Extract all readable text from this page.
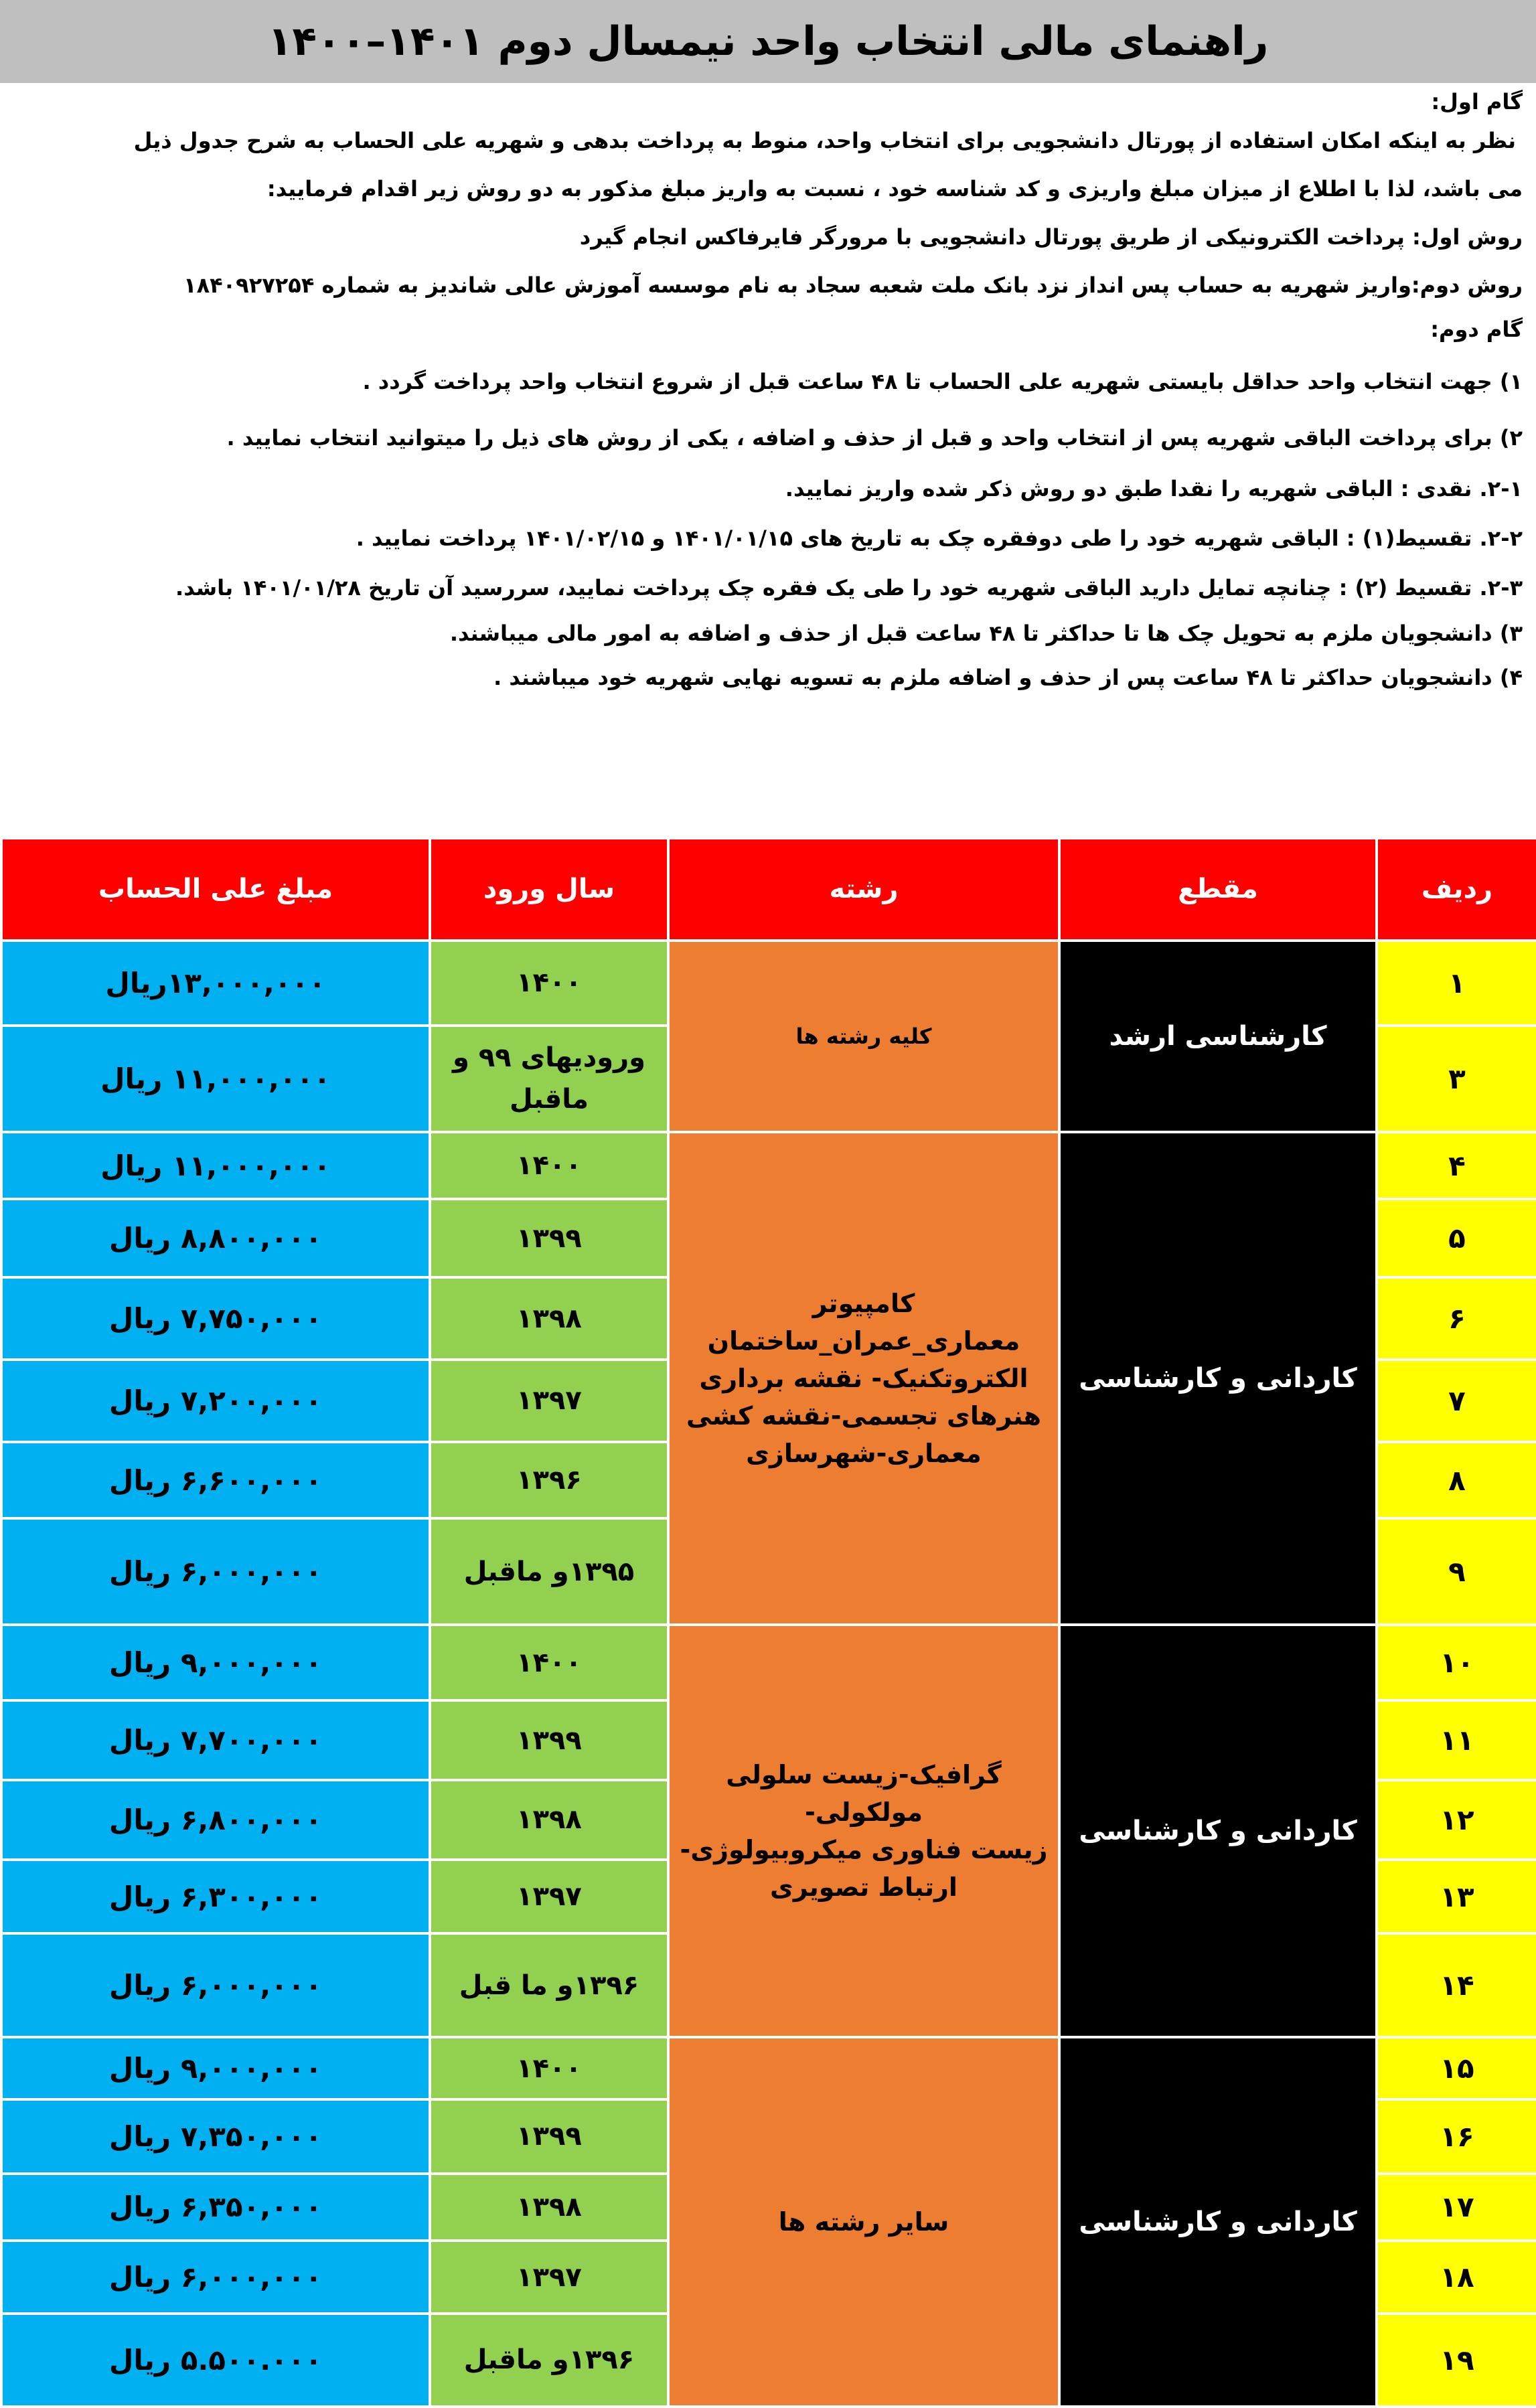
راهنمای مالی انتخاب واحد نیمسال دوم ۱۴۰۱–۱۴۰۰
گام اول:
نظر به اینکه امکان استفاده از پورتال دانشجویی برای انتخاب واحد، منوط به پرداخت بدهی و شهریه علی الحساب به شرح جدول ذیل
می باشد، لذا با اطلاع از میزان مبلغ واریزی و کد شناسه خود ، نسبت به واریز مبلغ مذکور به دو روش زیر اقدام فرمایید:
روش اول: پرداخت الکترونیکی از طریق پورتال دانشجویی با مرورگر فایرفاکس انجام گیرد
روش دوم:واریز شهریه به حساب پس انداز نزد بانک ملت شعبه سجاد به نام موسسه آموزش عالی شاندیز به شماره ۱۸۴۰۹۲۷۲۵۴
گام دوم:
۱) جهت انتخاب واحد حداقل بایستی شهریه علی الحساب تا ۴۸ ساعت قبل از شروع انتخاب واحد پرداخت گردد .
۲) برای پرداخت الباقی شهریه پس از انتخاب واحد و قبل از حذف و اضافه ، یکی از روش های ذیل را میتوانید انتخاب نمایید .
۲-۱. نقدی : الباقی شهریه را نقدا طبق دو روش ذکر شده واریز نمایید.
۲-۲. تقسیط(۱) : الباقی شهریه خود را طی دوفقره چک به تاریخ های ۱۴۰۱/۰۱/۱۵ و ۱۴۰۱/۰۲/۱۵ پرداخت نمایید .
۲-۳. تقسیط (۲) : چنانچه تمایل دارید الباقی شهریه خود را طی یک فقره چک پرداخت نمایید، سررسید آن تاریخ ۱۴۰۱/۰۱/۲۸ باشد.
۳) دانشجویان ملزم به تحویل چک ها تا حداکثر تا ۴۸ ساعت قبل از حذف و اضافه به امور مالی میباشند.
۴) دانشجویان حداکثر تا ۴۸ ساعت پس از حذف و اضافه ملزم به تسویه نهایی شهریه خود میباشند .
ردیف	مقطع	رشته	سال ورود	مبلغ علی الحساب
۱	کارشناسی ارشد	کلیه رشته ها	۱۴۰۰	۱۳,۰۰۰,۰۰۰ریال
۳			ورودیهای ۹۹ و ماقبل	۱۱,۰۰۰,۰۰۰ ریال
۴	کاردانی و کارشناسی	کامپیوتر
معماری_عمران_ساختمان
الکتروتکنیک- نقشه برداری
هنرهای تجسمی-نقشه کشی
معماری-شهرسازی	۱۴۰۰	۱۱,۰۰۰,۰۰۰ ریال
۵			۱۳۹۹	۸,۸۰۰,۰۰۰ ریال
۶			۱۳۹۸	۷,۷۵۰,۰۰۰ ریال
۷			۱۳۹۷	۷,۲۰۰,۰۰۰ ریال
۸			۱۳۹۶	۶,۶۰۰,۰۰۰ ریال
۹			۱۳۹۵و ماقبل	۶,۰۰۰,۰۰۰ ریال
۱۰	کاردانی و کارشناسی	گرافیک-زیست سلولی مولکولی-
زیست فناوری میکروبیولوژی-
ارتباط تصویری	۱۴۰۰	۹,۰۰۰,۰۰۰ ریال
۱۱			۱۳۹۹	۷,۷۰۰,۰۰۰ ریال
۱۲			۱۳۹۸	۶,۸۰۰,۰۰۰ ریال
۱۳			۱۳۹۷	۶,۳۰۰,۰۰۰ ریال
۱۴			۱۳۹۶و ما قبل	۶,۰۰۰,۰۰۰ ریال
۱۵	کاردانی و کارشناسی	سایر رشته ها	۱۴۰۰	۹,۰۰۰,۰۰۰ ریال
۱۶			۱۳۹۹	۷,۳۵۰,۰۰۰ ریال
۱۷			۱۳۹۸	۶,۳۵۰,۰۰۰ ریال
۱۸			۱۳۹۷	۶,۰۰۰,۰۰۰ ریال
۱۹			۱۳۹۶و ماقبل	۵.۵۰۰.۰۰۰ ریال
